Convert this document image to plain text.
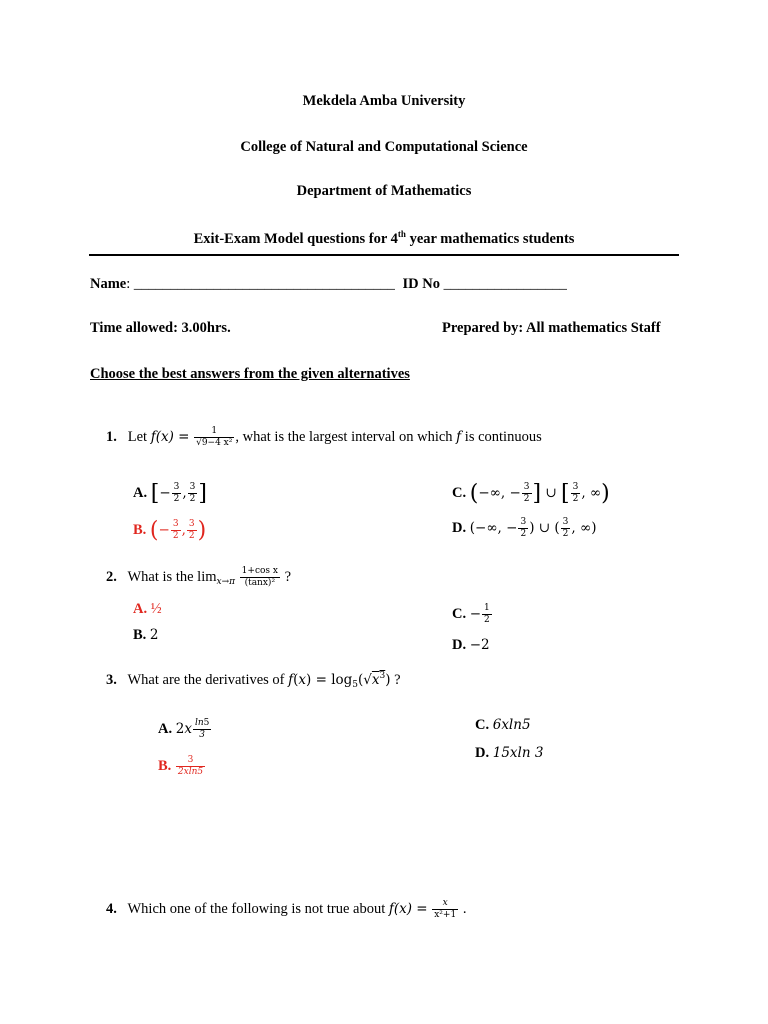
Mekdela Amba University
College of Natural and Computational Science
Department of Mathematics
Exit-Exam Model questions for 4th year mathematics students
Name: ____________________________________ ID No _________________
Time allowed: 3.00hrs.	Prepared by: All mathematics Staff
Choose the best answers from the given alternatives
1. Let $f(x) = \frac{1}{\text{√9−4 x²}}$ , what is the largest interval on which f is continuous
A. [− $\frac{3}{2}$ , $\frac{3}{2}$ ]
B. (− $\frac{3}{2}$ , $\frac{3}{2}$ )
C. (−∞, − $\frac{3}{2}$ ] ∪ [ $\frac{3}{2}$ , ∞)
D. (−∞, − $\frac{3}{2}$ ) ∪ ( $\frac{3}{2}$ , ∞)
2. What is the $\lim_{x\to\pi} \frac{\text{1+cos x}}{\text{(tanx)²}}$ ?
A. ½
B. 2
C. − $\frac{1}{2}$
D. −2
3. What are the derivatives of $f(x) = \log_5(√x^3)$ ?
A. $2x \frac{\ln 5}{3}$
B. $\frac{3}{2xln5}$
C. 6xln5
D. 15xln 3
4. Which one of the following is not true about $f(x) = \frac{x}{\text{x²+1}}$ .
